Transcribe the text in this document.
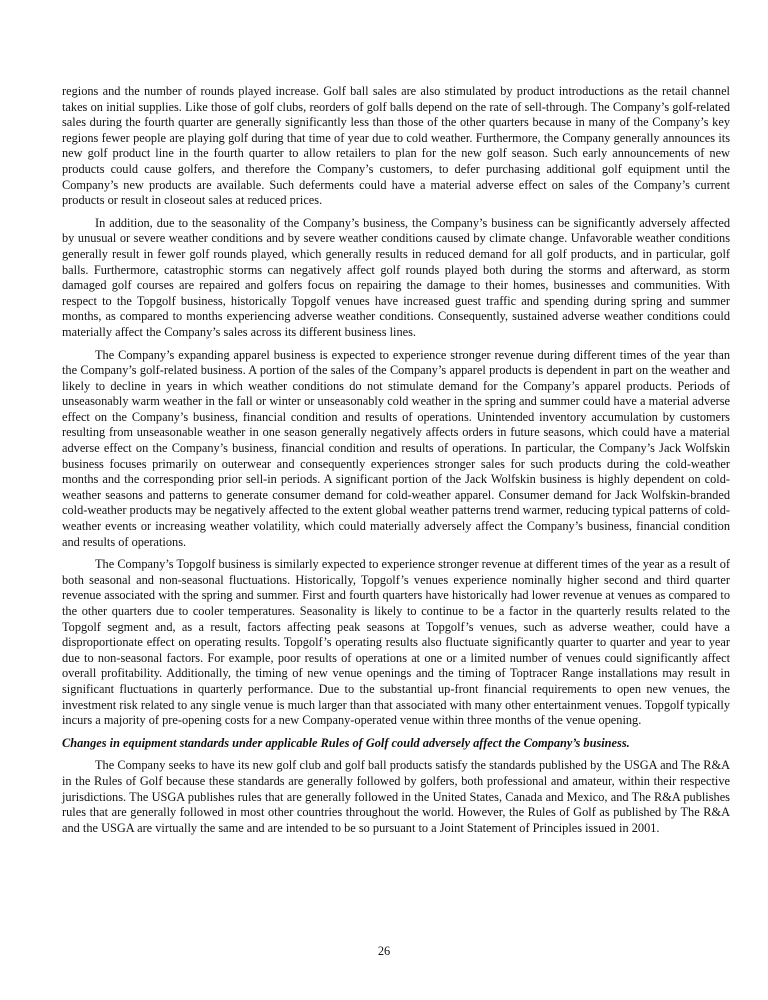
regions and the number of rounds played increase. Golf ball sales are also stimulated by product introductions as the retail channel takes on initial supplies. Like those of golf clubs, reorders of golf balls depend on the rate of sell-through. The Company’s golf-related sales during the fourth quarter are generally significantly less than those of the other quarters because in many of the Company’s key regions fewer people are playing golf during that time of year due to cold weather. Furthermore, the Company generally announces its new golf product line in the fourth quarter to allow retailers to plan for the new golf season. Such early announcements of new products could cause golfers, and therefore the Company’s customers, to defer purchasing additional golf equipment until the Company’s new products are available. Such deferments could have a material adverse effect on sales of the Company’s current products or result in closeout sales at reduced prices.

In addition, due to the seasonality of the Company’s business, the Company’s business can be significantly adversely affected by unusual or severe weather conditions and by severe weather conditions caused by climate change. Unfavorable weather conditions generally result in fewer golf rounds played, which generally results in reduced demand for all golf products, and in particular, golf balls. Furthermore, catastrophic storms can negatively affect golf rounds played both during the storms and afterward, as storm damaged golf courses are repaired and golfers focus on repairing the damage to their homes, businesses and communities. With respect to the Topgolf business, historically Topgolf venues have increased guest traffic and spending during spring and summer months, as compared to months experiencing adverse weather conditions. Consequently, sustained adverse weather conditions could materially affect the Company’s sales across its different business lines.

The Company’s expanding apparel business is expected to experience stronger revenue during different times of the year than the Company’s golf-related business. A portion of the sales of the Company’s apparel products is dependent in part on the weather and likely to decline in years in which weather conditions do not stimulate demand for the Company’s apparel products. Periods of unseasonably warm weather in the fall or winter or unseasonably cold weather in the spring and summer could have a material adverse effect on the Company’s business, financial condition and results of operations. Unintended inventory accumulation by customers resulting from unseasonable weather in one season generally negatively affects orders in future seasons, which could have a material adverse effect on the Company’s business, financial condition and results of operations. In particular, the Company’s Jack Wolfskin business focuses primarily on outerwear and consequently experiences stronger sales for such products during the cold-weather months and the corresponding prior sell-in periods. A significant portion of the Jack Wolfskin business is highly dependent on cold-weather seasons and patterns to generate consumer demand for cold-weather apparel. Consumer demand for Jack Wolfskin-branded cold-weather products may be negatively affected to the extent global weather patterns trend warmer, reducing typical patterns of cold-weather events or increasing weather volatility, which could materially adversely affect the Company’s business, financial condition and results of operations.

The Company’s Topgolf business is similarly expected to experience stronger revenue at different times of the year as a result of both seasonal and non-seasonal fluctuations. Historically, Topgolf’s venues experience nominally higher second and third quarter revenue associated with the spring and summer. First and fourth quarters have historically had lower revenue at venues as compared to the other quarters due to cooler temperatures. Seasonality is likely to continue to be a factor in the quarterly results related to the Topgolf segment and, as a result, factors affecting peak seasons at Topgolf’s venues, such as adverse weather, could have a disproportionate effect on operating results. Topgolf’s operating results also fluctuate significantly quarter to quarter and year to year due to non-seasonal factors. For example, poor results of operations at one or a limited number of venues could significantly affect overall profitability. Additionally, the timing of new venue openings and the timing of Toptracer Range installations may result in significant fluctuations in quarterly performance. Due to the substantial up-front financial requirements to open new venues, the investment risk related to any single venue is much larger than that associated with many other entertainment venues. Topgolf typically incurs a majority of pre-opening costs for a new Company-operated venue within three months of the venue opening.

Changes in equipment standards under applicable Rules of Golf could adversely affect the Company’s business.

The Company seeks to have its new golf club and golf ball products satisfy the standards published by the USGA and The R&A in the Rules of Golf because these standards are generally followed by golfers, both professional and amateur, within their respective jurisdictions. The USGA publishes rules that are generally followed in the United States, Canada and Mexico, and The R&A publishes rules that are generally followed in most other countries throughout the world. However, the Rules of Golf as published by The R&A and the USGA are virtually the same and are intended to be so pursuant to a Joint Statement of Principles issued in 2001.

26
